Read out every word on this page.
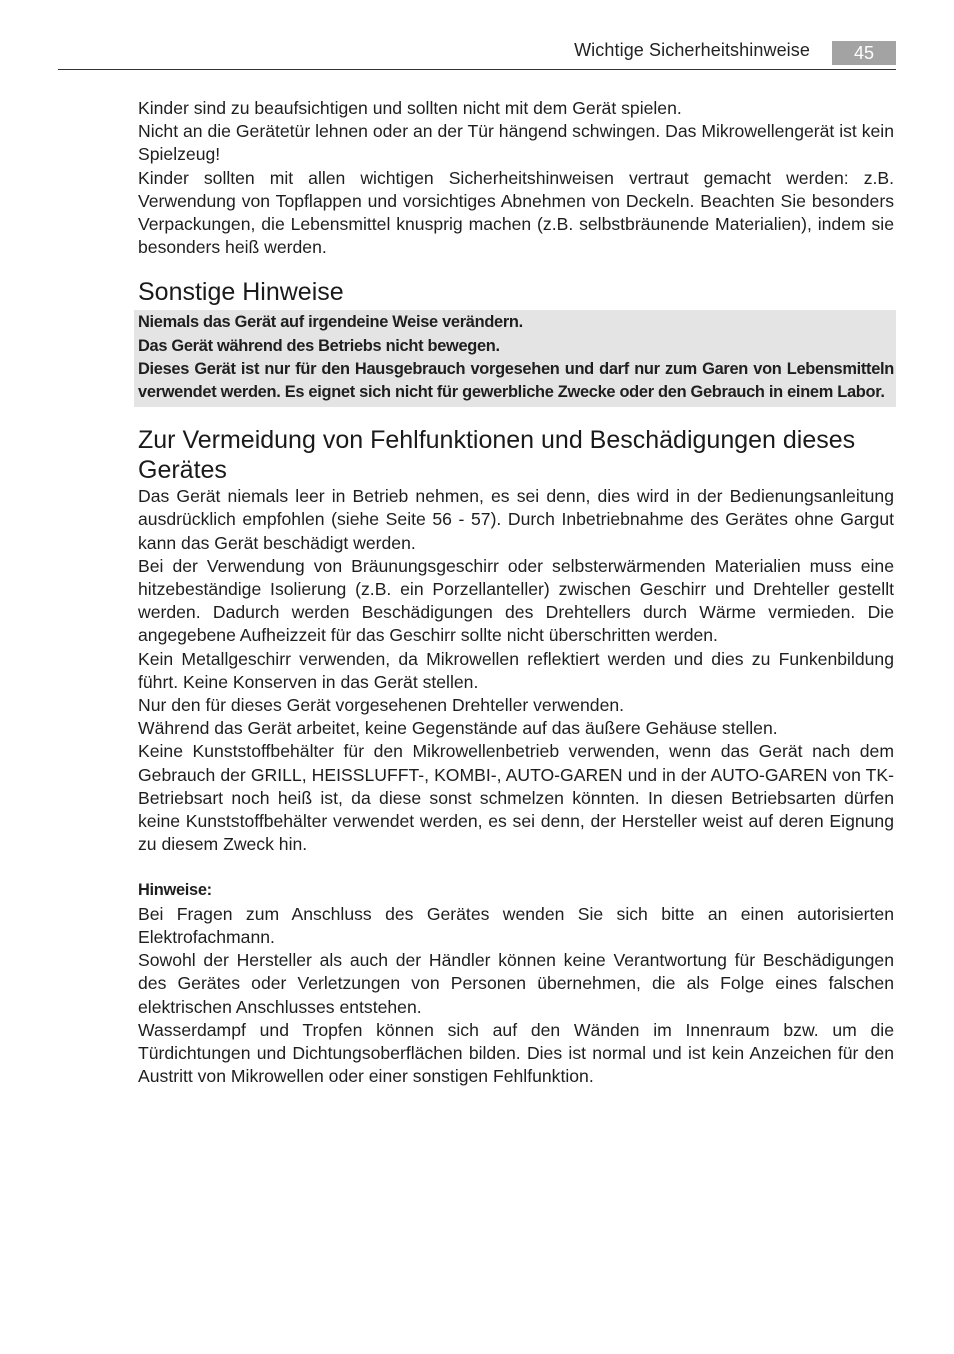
Wichtige Sicherheitshinweise	45

Kinder sind zu beaufsichtigen und sollten nicht mit dem Gerät spielen.

Nicht an die Gerätetür lehnen oder an der Tür hängend schwingen. Das Mikrowellengerät ist kein Spielzeug!

Kinder sollten mit allen wichtigen Sicherheitshinweisen vertraut gemacht werden: z.B. Verwendung von Topflappen und vorsichtiges Abnehmen von Deckeln. Beachten Sie besonders Verpackungen, die Lebensmittel knusprig machen (z.B. selbstbräunende Materialien), indem sie besonders heiß werden.

Sonstige Hinweise

Niemals das Gerät auf irgendeine Weise verändern.

Das Gerät während des Betriebs nicht bewegen.

Dieses Gerät ist nur für den Hausgebrauch vorgesehen und darf nur zum Garen von Lebensmitteln verwendet werden. Es eignet sich nicht für gewerbliche Zwecke oder den Gebrauch in einem Labor.

Zur Vermeidung von Fehlfunktionen und Beschädigungen dieses Gerätes

Das Gerät niemals leer in Betrieb nehmen, es sei denn, dies wird in der Bedienungsanleitung ausdrücklich empfohlen (siehe Seite 56 - 57). Durch Inbetriebnahme des Gerätes ohne Gargut kann das Gerät beschädigt werden.

Bei der Verwendung von Bräunungsgeschirr oder selbsterwärmenden Materialien muss eine hitzebeständige Isolierung (z.B. ein Porzellanteller) zwischen Geschirr und Drehteller gestellt werden. Dadurch werden Beschädigungen des Drehtellers durch Wärme vermieden. Die angegebene Aufheizzeit für das Geschirr sollte nicht überschritten werden.

Kein Metallgeschirr verwenden, da Mikrowellen reflektiert werden und dies zu Funkenbildung führt. Keine Konserven in das Gerät stellen.

Nur den für dieses Gerät vorgesehenen Drehteller verwenden.

Während das Gerät arbeitet, keine Gegenstände auf das äußere Gehäuse stellen.

Keine Kunststoffbehälter für den Mikrowellenbetrieb verwenden, wenn das Gerät nach dem Gebrauch der GRILL, HEISSLUFFT-, KOMBI-, AUTO-GAREN und in der AUTO-GAREN von TK-Betriebsart noch heiß ist, da diese sonst schmelzen könnten. In diesen Betriebsarten dürfen keine Kunststoffbehälter verwendet werden, es sei denn, der Hersteller weist auf deren Eignung zu diesem Zweck hin.

Hinweise:

Bei Fragen zum Anschluss des Gerätes wenden Sie sich bitte an einen autorisierten Elektrofachmann.

Sowohl der Hersteller als auch der Händler können keine Verantwortung für Beschädigungen des Gerätes oder Verletzungen von Personen übernehmen, die als Folge eines falschen elektrischen Anschlusses entstehen.

Wasserdampf und Tropfen können sich auf den Wänden im Innenraum bzw. um die Türdichtungen und Dichtungsoberflächen bilden. Dies ist normal und ist kein Anzeichen für den Austritt von Mikrowellen oder einer sonstigen Fehlfunktion.
